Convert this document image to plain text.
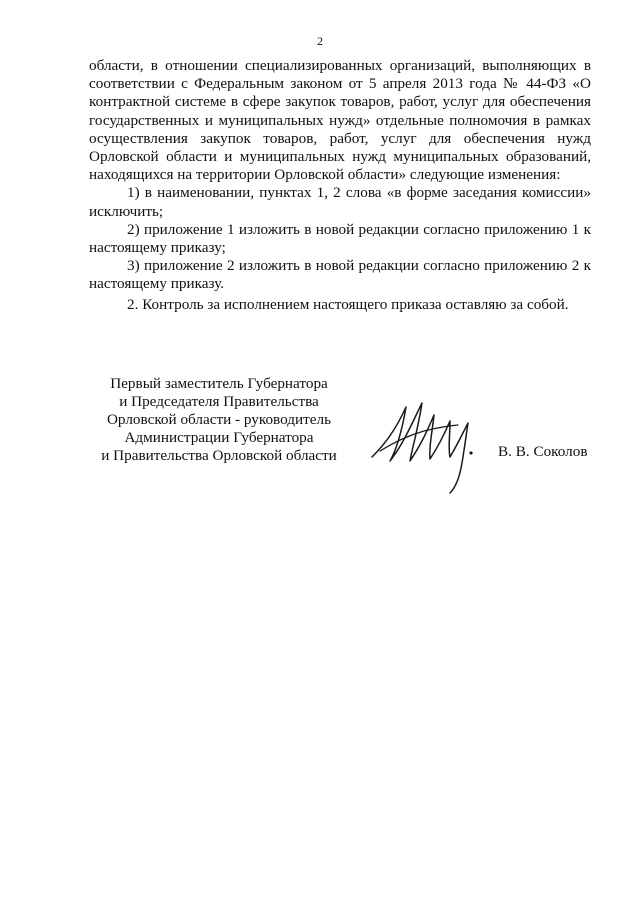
2

области, в отношении специализированных организаций, выполняющих в соответствии с Федеральным законом от 5 апреля 2013 года № 44-ФЗ «О контрактной системе в сфере закупок товаров, работ, услуг для обеспечения государственных и муниципальных нужд» отдельные полномочия в рамках осуществления закупок товаров, работ, услуг для обеспечения нужд Орловской области и муниципальных нужд муниципальных образований, находящихся на территории Орловской области» следующие изменения:

1) в наименовании, пунктах 1, 2 слова «в форме заседания комиссии» исключить;

2) приложение 1 изложить в новой редакции согласно приложению 1 к настоящему приказу;

3) приложение 2 изложить в новой редакции согласно приложению 2 к настоящему приказу.

2. Контроль за исполнением настоящего приказа оставляю за собой.

Первый заместитель Губернатора
и Председателя Правительства
Орловской области - руководитель
Администрации Губернатора
и Правительства Орловской области	В. В. Соколов
